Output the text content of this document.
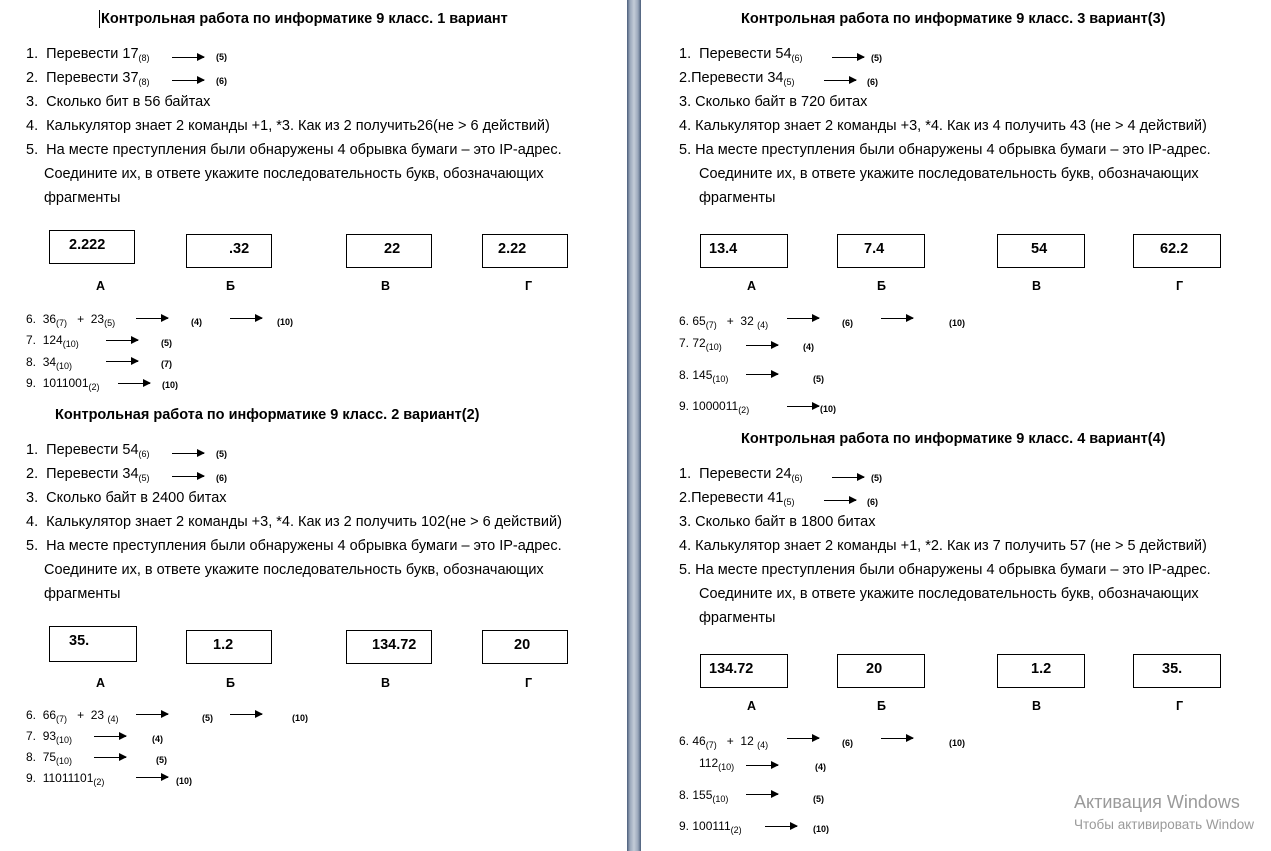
Контрольная работа по информатике 9 класс. 1 вариант
1. Перевести $17_{(8)}$	(5)
2. Перевести $37_{(8)}$	(6)
3. Сколько бит в 56 байтах
4. Калькулятор знает 2 команды +1, *3. Как из 2 получить26(не > 6 действий)
5. На месте преступления были обнаружены 4 обрывка бумаги – это IP-адрес.
Соедините их, в ответе укажите последовательность букв, обозначающих
фрагменты
2.222	.32	22	2.22
А	Б	В	Г
6. $36_{(7)} + 23_{(5)}$	(4)	(10)
7. $124_{(10)}$	(5)
8. $34_{(10)}$	(7)
9. $1011001_{(2)}$	(10)
Контрольная работа по информатике 9 класс. 2 вариант(2)
1. Перевести $54_{(6)}$	(5)
2. Перевести $34_{(5)}$	(6)
3. Сколько байт в 2400 битах
4. Калькулятор знает 2 команды +3, *4. Как из 2 получить 102(не > 6 действий)
5. На месте преступления были обнаружены 4 обрывка бумаги – это IP-адрес.
Соедините их, в ответе укажите последовательность букв, обозначающих
фрагменты
35.	1.2	134.72	20
А	Б	В	Г
6. $66_{(7)} + 23$ $_{(4)}$	(5)	(10)
7. $93_{(10)}$	(4)
8. $75_{(10)}$	(5)
9. $11011101_{(2)}$	(10)
Контрольная работа по информатике 9 класс. 3 вариант(3)
1. Перевести $54_{(6)}$	(5)
2.Перевести $34_{(5)}$	(6)
3. Сколько байт в 720 битах
4. Калькулятор знает 2 команды +3, *4. Как из 4 получить 43 (не > 4 действий)
5. На месте преступления были обнаружены 4 обрывка бумаги – это IP-адрес.
Соедините их, в ответе укажите последовательность букв, обозначающих
фрагменты
13.4	7.4	54	62.2
А	Б	В	Г
6. $65_{(7)} + 32$ $_{(4)}$	(6)	(10)
7. $72_{(10)}$	(4)
8. $145_{(10)}$	(5)
9. $1000011_{(2)}$	(10)
Контрольная работа по информатике 9 класс. 4 вариант(4)
1. Перевести $24_{(6)}$	(5)
2.Перевести $41_{(5)}$	(6)
3. Сколько байт в 1800 битах
4. Калькулятор знает 2 команды +1, *2. Как из 7 получить 57 (не > 5 действий)
5. На месте преступления были обнаружены 4 обрывка бумаги – это IP-адрес.
Соедините их, в ответе укажите последовательность букв, обозначающих
фрагменты
134.72	20	1.2	35.
А	Б	В	Г
6. $46_{(7)} + 12$ $_{(4)}$	(6)	(10)
$112_{(10)}$	(4)
8. $155_{(10)}$	(5)
9. $100111_{(2)}$	(10)
Активация Windows
Чтобы активировать Window
